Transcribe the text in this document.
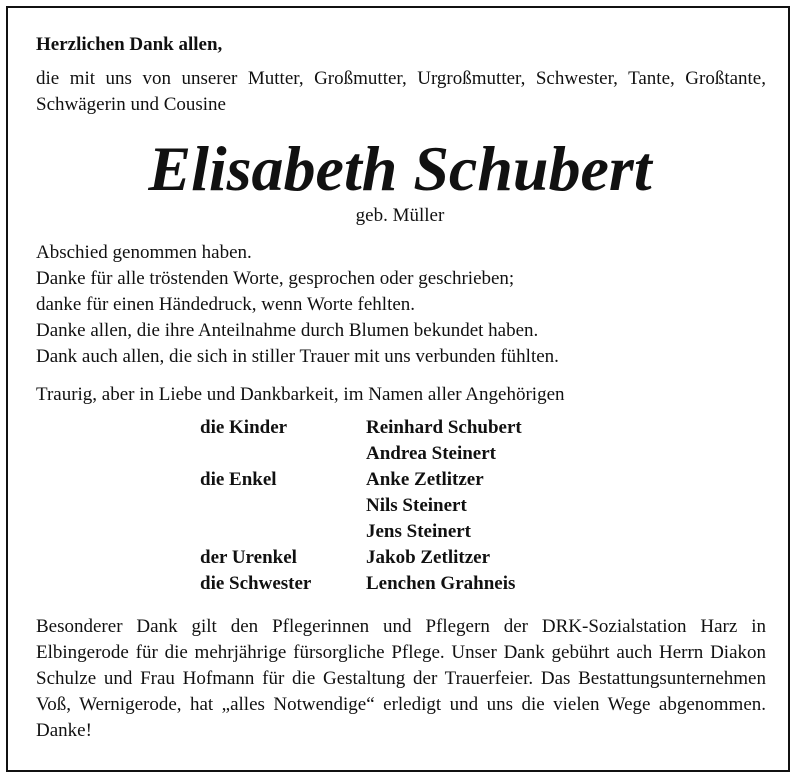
Herzlichen Dank allen,

die mit uns von unserer Mutter, Großmutter, Urgroßmutter, Schwester, Tante, Großtante, Schwägerin und Cousine

Elisabeth Schubert

geb. Müller

Abschied genommen haben.
Danke für alle tröstenden Worte, gesprochen oder geschrieben;
danke für einen Händedruck, wenn Worte fehlten.
Danke allen, die ihre Anteilnahme durch Blumen bekundet haben.
Dank auch allen, die sich in stiller Trauer mit uns verbunden fühlten.

Traurig, aber in Liebe und Dankbarkeit, im Namen aller Angehörigen

die Kinder	Reinhard Schubert
	Andrea Steinert
die Enkel	Anke Zetlitzer
	Nils Steinert
	Jens Steinert
der Urenkel	Jakob Zetlitzer
die Schwester	Lenchen Grahneis

Besonderer Dank gilt den Pflegerinnen und Pflegern der DRK-Sozialstation Harz in Elbingerode für die mehrjährige fürsorgliche Pflege. Unser Dank gebührt auch Herrn Diakon Schulze und Frau Hofmann für die Gestaltung der Trauerfeier. Das Bestattungsunternehmen Voß, Wernigerode, hat „alles Notwendige“ erledigt und uns die vielen Wege abgenommen. Danke!
